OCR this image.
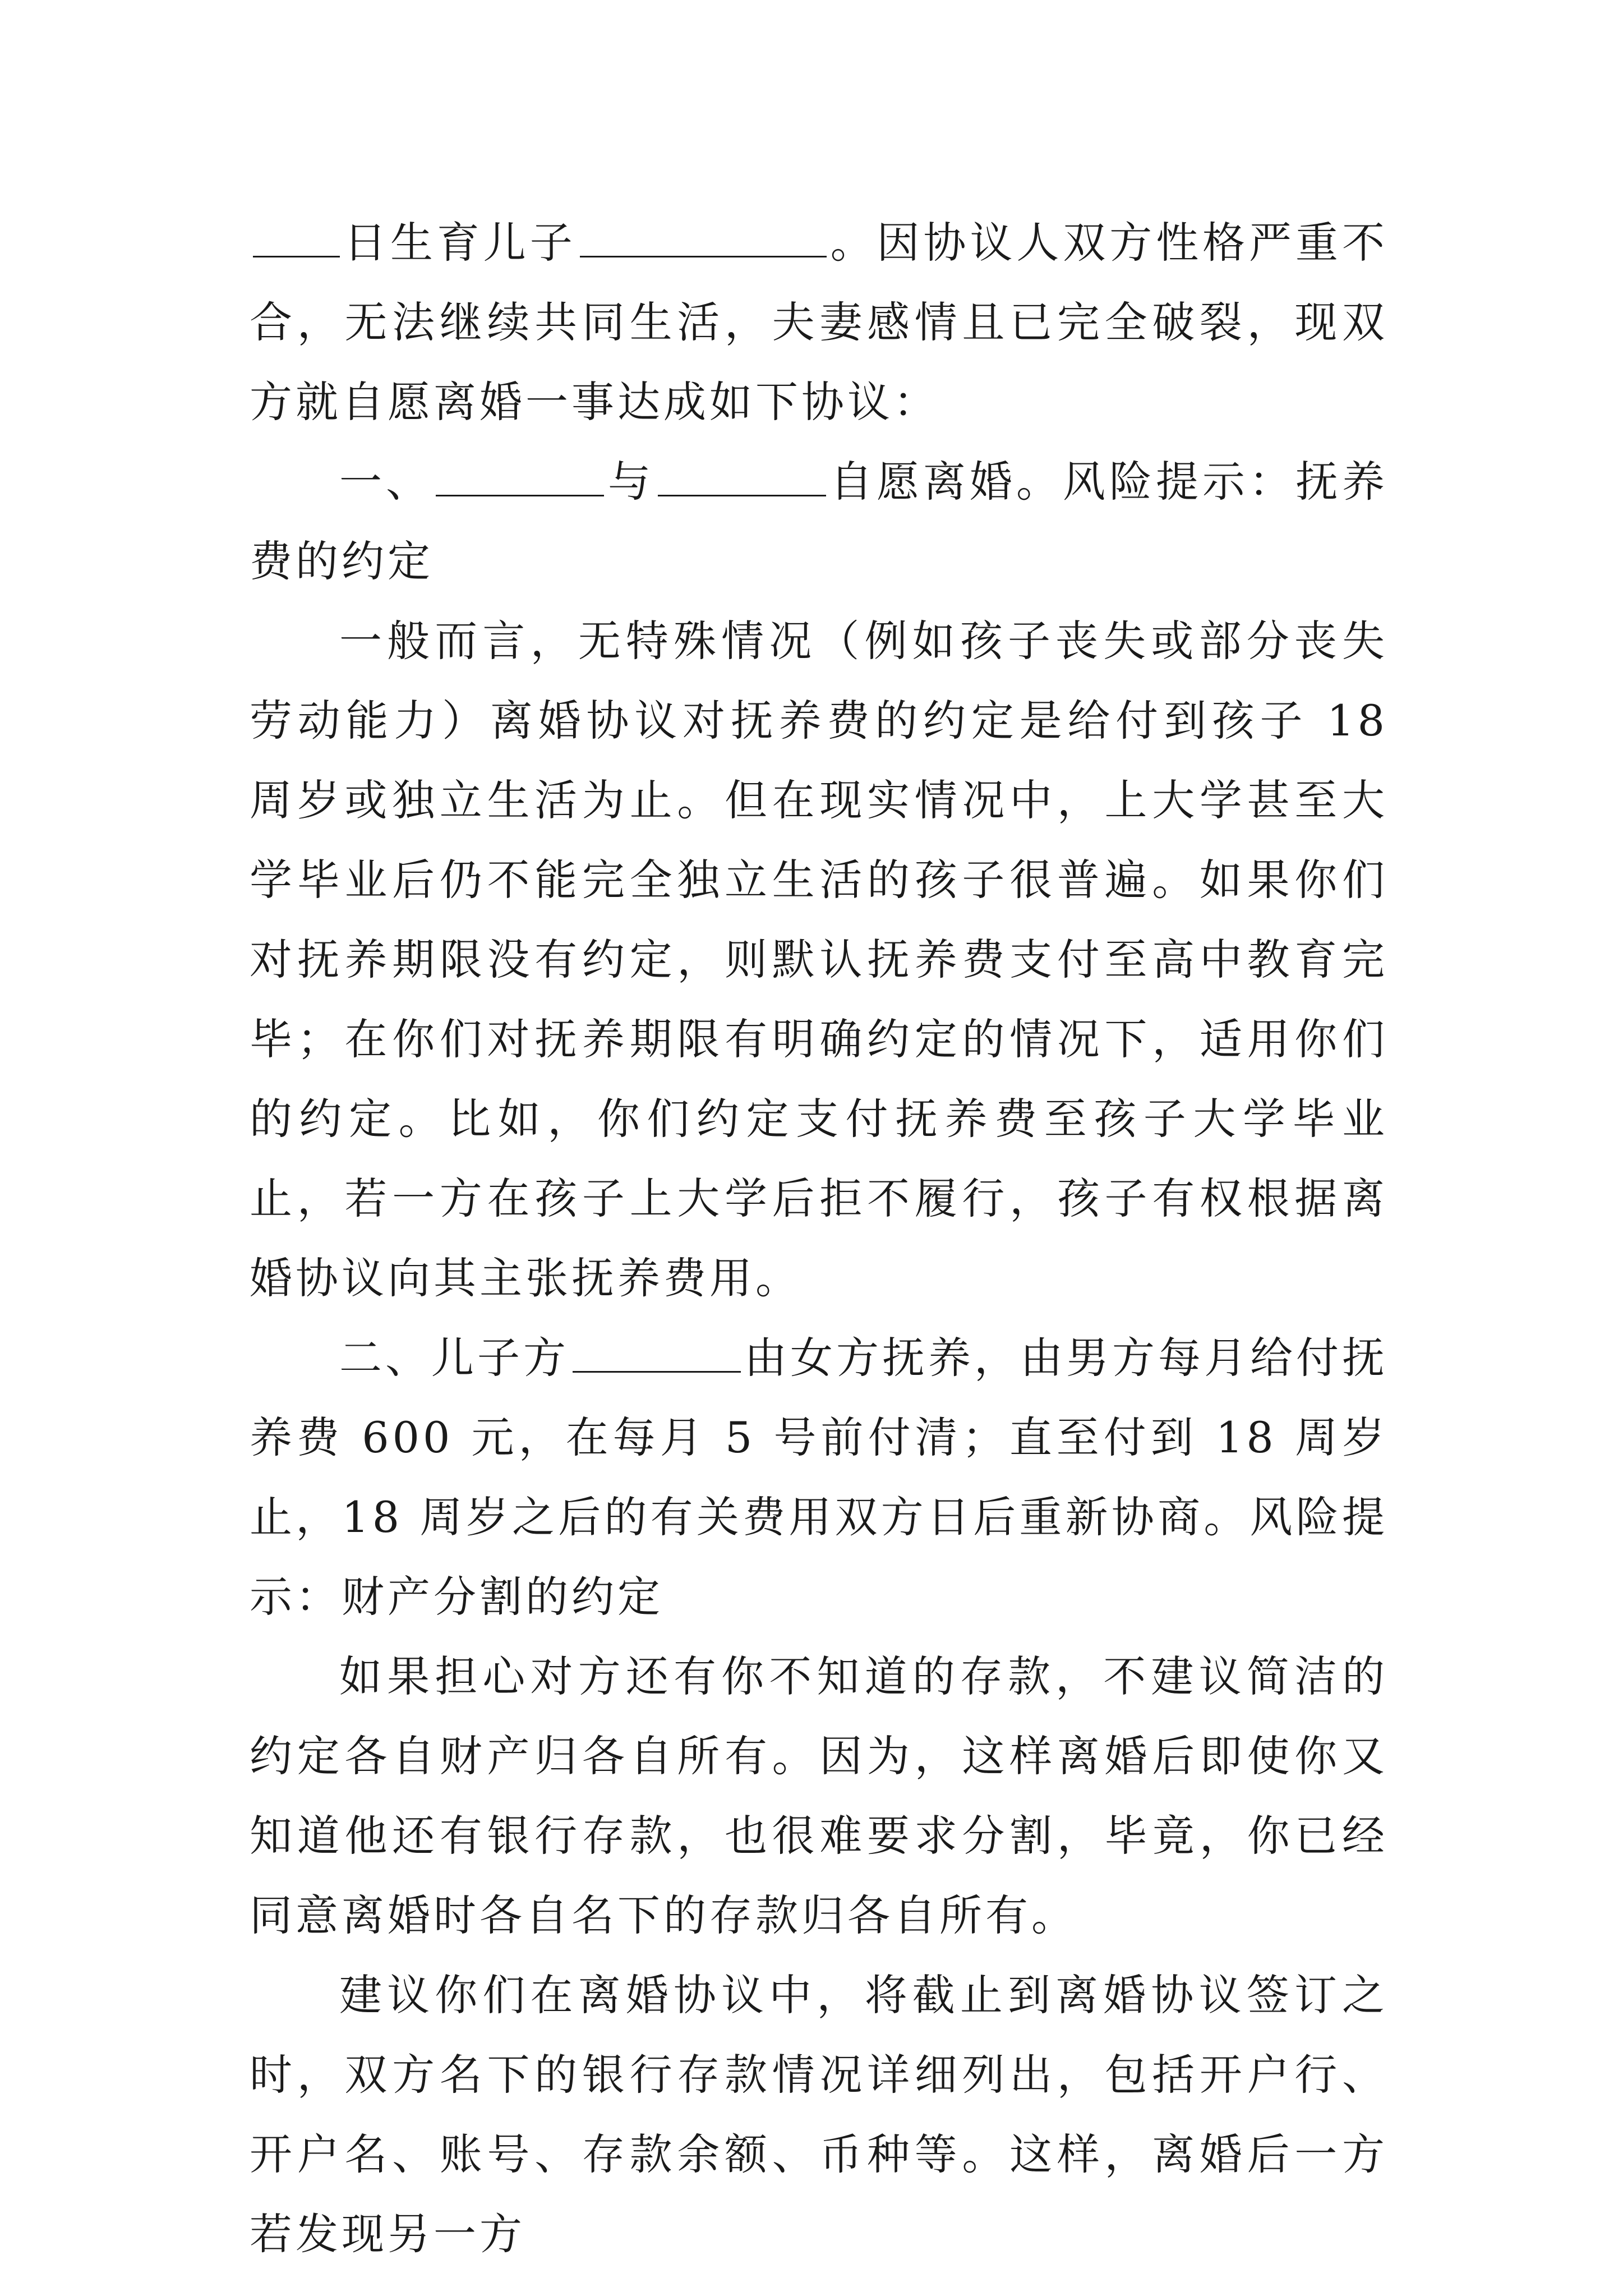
日生育儿子	。因协议人双方性格严重不合，无法继续共同生活，夫妻感情且已完全破裂，现双方就自愿离婚一事达成如下协议：

一、	与	自愿离婚。风险提示：抚养费的约定

一般而言，无特殊情况（例如孩子丧失或部分丧失劳动能力）离婚协议对抚养费的约定是给付到孩子 18 周岁或独立生活为止。但在现实情况中，上大学甚至大学毕业后仍不能完全独立生活的孩子很普遍。如果你们对抚养期限没有约定，则默认抚养费支付至高中教育完毕；在你们对抚养期限有明确约定的情况下，适用你们的约定。比如，你们约定支付抚养费至孩子大学毕业止，若一方在孩子上大学后拒不履行，孩子有权根据离婚协议向其主张抚养费用。

二、儿子方	由女方抚养，由男方每月给付抚养费 600 元，在每月 5 号前付清；直至付到 18 周岁止，18 周岁之后的有关费用双方日后重新协商。风险提示：财产分割的约定

如果担心对方还有你不知道的存款，不建议简洁的约定各自财产归各自所有。因为，这样离婚后即使你又知道他还有银行存款，也很难要求分割，毕竟，你已经同意离婚时各自名下的存款归各自所有。

建议你们在离婚协议中，将截止到离婚协议签订之时，双方名下的银行存款情况详细列出，包括开户行、开户名、账号、存款余额、币种等。这样，离婚后一方若发现另一方
